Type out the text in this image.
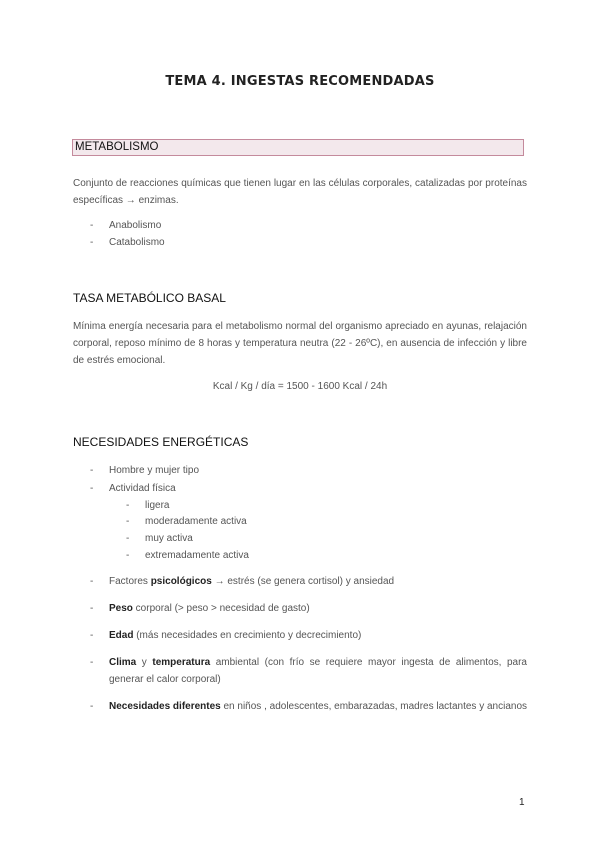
TEMA 4. INGESTAS RECOMENDADAS
METABOLISMO
Conjunto de reacciones químicas que tienen lugar en las células corporales, catalizadas por proteínas específicas → enzimas.
- Anabolismo
- Catabolismo
TASA METABÓLICO BASAL
Mínima energía necesaria para el metabolismo normal del organismo apreciado en ayunas, relajación corporal, reposo mínimo de 8 horas y temperatura neutra (22 - 26ºC), en ausencia de infección y libre de estrés emocional.
Kcal / Kg / día = 1500 - 1600 Kcal / 24h
NECESIDADES ENERGÉTICAS
- Hombre y mujer tipo
- Actividad física
- ligera
- moderadamente activa
- muy activa
- extremadamente activa
- Factores psicológicos → estrés (se genera cortisol) y ansiedad
- Peso corporal (> peso > necesidad de gasto)
- Edad (más necesidades en crecimiento y decrecimiento)
- Clima y temperatura ambiental (con frío se requiere mayor ingesta de alimentos, para generar el calor corporal)
- Necesidades diferentes en niños , adolescentes, embarazadas, madres lactantes y ancianos
1
